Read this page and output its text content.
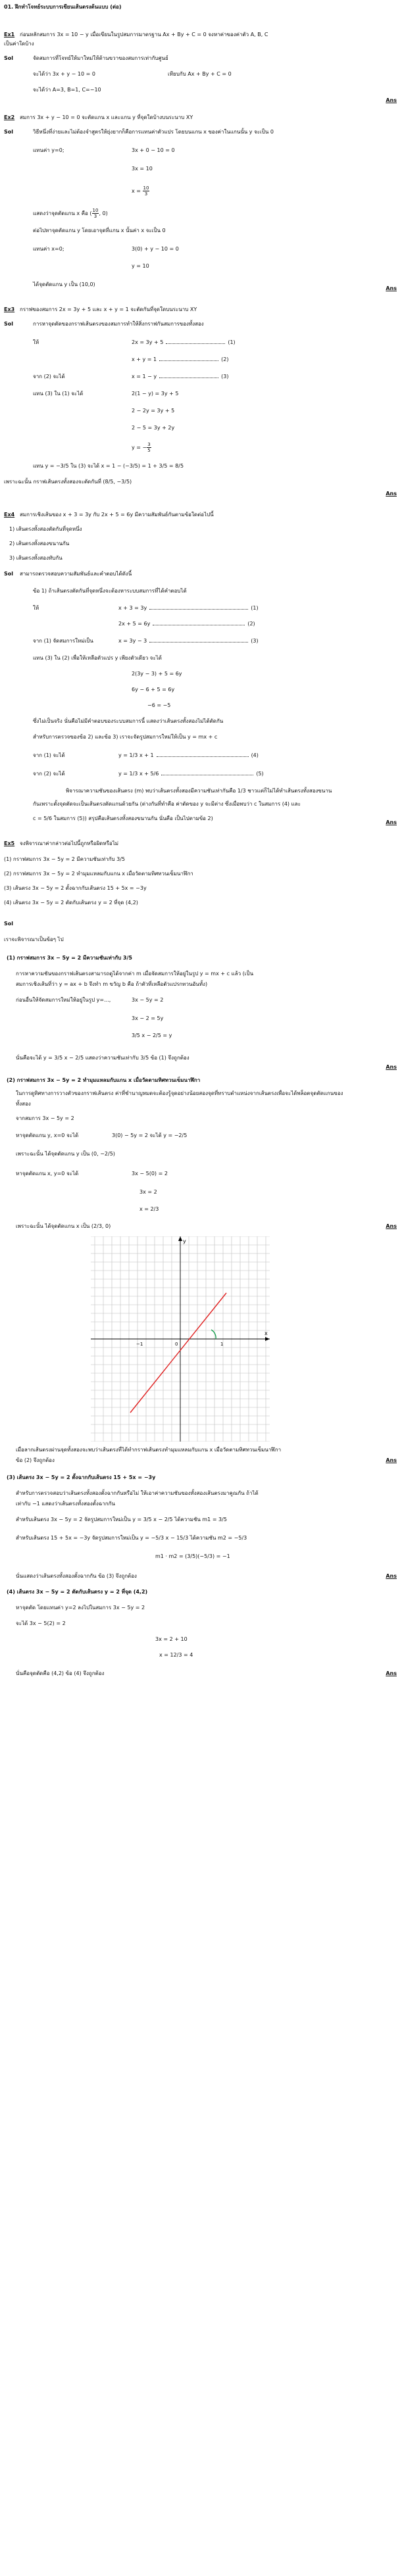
01. ฝึกทำโจทย์ระบบการเขียนเส้นตรงต้นแบบ (ต่อ)
Ex1 ก่อนหลักสมการ 3x = 10 − y เมื่อเขียนในรูปสมการมาตรฐาน Ax + By + C = 0 จงหาค่าของค่าตัว A, B, C
เป็นค่าใดบ้าง
Sol	จัดสมการที่โจทย์ให้มาใหม่ให้ด้านขวาของสมการเท่ากับศูนย์
จะได้ว่า 3x + y − 10 = 0	เทียบกับ Ax + By + C = 0
จะได้ว่า A=3, B=1, C=−10
Ans
Ex2 สมการ 3x + y − 10 = 0 จะตัดแกน x และแกน y ที่จุดใดบ้างบนระนาบ XY
Sol	วิธีหนึ่งที่ง่ายและไม่ต้องจำสูตรให้ยุ่งยากก็คือการแทนค่าตัวแปร โดยบนแกน x ของค่าในแกนนั้น y จะเป็น 0
แทนค่า y=0;	3x + 0 − 10 = 0
3x = 10
$x = \frac{10}{3}$
แสดงว่าจุดตัดแกน x คือ ( $\frac{10}{3}$ , 0)
ต่อไปหาจุดตัดแกน y โดยเอาจุดที่แกน x นั้นค่า x จะเป็น 0
แทนค่า x=0;	3(0) + y − 10 = 0
y = 10
ได้จุดตัดแกน y เป็น (10,0)
Ans
Ex3 กราฟของสมการ 2x = 3y + 5 และ x + y = 1 จะตัดกันที่จุดใดบนระนาบ XY
Sol	การหาจุดตัดของกราฟเส้นตรงของสมการทำให้สิ่งกราฟกันสมการของทั้งสอง
ให้	2x = 3y + 5	(1)
x + y = 1	(2)
จาก (2) จะได้	x = 1 − y	(3)
แทน (3) ใน (1) จะได้	2(1 − y) = 3y + 5
2 − 2y = 3y + 5
2 − 5 = 3y + 2y
y = − $\frac{3}{5}$
แทน y = −3/5 ใน (3) จะได้ x = 1 − (−3/5) = 1 + 3/5 = 8/5
เพราะฉะนั้น กราฟเส้นตรงทั้งสองจะตัดกันที่ (8/5, −3/5)
Ans
Ex4 สมการเชิงเส้นของ x + 3 = 3y กับ 2x + 5 = 6y มีความสัมพันธ์กันตามข้อใดต่อไปนี้
1) เส้นตรงทั้งสองตัดกันที่จุดหนึ่ง
2) เส้นตรงทั้งสองขนานกัน
3) เส้นตรงทั้งสองทับกัน
Sol สามารถตรวจสอบความสัมพันธ์และคำตอบได้ดังนี้
ข้อ 1) ถ้าเส้นตรงตัดกันที่จุดหนึ่งจะต้องหาระบบสมการที่ได้คำตอบได้
ให้	x + 3 = 3y	(1)
2x + 5 = 6y	(2)
จาก (1) จัดสมการใหม่เป็น	x = 3y − 3	(3)
แทน (3) ใน (2) เพื่อให้เหลือตัวแปร y เพียงตัวเดียว จะได้
2(3y − 3) + 5 = 6y
6y − 6 + 5 = 6y
−6 = −5
ซึ่งไม่เป็นจริง นั่นคือไม่มีคำตอบของระบบสมการนี้ แสดงว่าเส้นตรงทั้งสองไม่ได้ตัดกัน
สำหรับการตรวจของข้อ 2) และข้อ 3) เราจะจัดรูปสมการใหม่ให้เป็น y = mx + c
จาก (1) จะได้	y = 1/3 x + 1	(4)
จาก (2) จะได้	y = 1/3 x + 5/6	(5)
พิจารณาความชันของเส้นตรง (m) พบว่าเส้นตรงทั้งสองมีความชันเท่ากันคือ 1/3 ชาวแต่ก็ไม่ได้ทำเส้นตรงทั้งสองขนาน
กันเพราะตั้งจุดตัดจะเป็นเส้นตรงตัดแกนด้วยกัน (ต่างกันที่ทำคือ ค่าตัดของ y จะมีต่าง ซึ่งเมื่อพบว่า c ในสมการ (4) และ
c = 5/6 ในสมการ (5)) สรุปคือเส้นตรงทั้งสองขนานกัน นั่นคือ เป็นไปตามข้อ 2)
Ans
Ex5 จงพิจารณาค่ากล่าวต่อไปนี้ถูกหรือผิดหรือไม่
(1) กราฟสมการ 3x − 5y = 2 มีความชันเท่ากับ 3/5
(2) กราฟสมการ 3x − 5y = 2 ทำมุมแหลมกับแกน x เมื่อวัดตามทิศทวนเข็มนาฬิกา
(3) เส้นตรง 3x − 5y = 2 ตั้งฉากกับเส้นตรง 15 + 5x = −3y
(4) เส้นตรง 3x − 5y = 2 ตัดกับเส้นตรง y = 2 ที่จุด (4,2)
Sol
เราจะพิจารณาเป็นข้อๆ ไป
(1) กราฟสมการ 3x − 5y = 2 มีความชันเท่ากับ 3/5
การหาความชันของกราฟเส้นตรงสามารถดูได้จากค่า m เมื่อจัดสมการให้อยู่ในรูป y = mx + c แล้ว (เป็น
สมการเชิงเส้นที่ว่า y = ax + b จึงทำ m ขวัญ b คือ ถ้าตัวที่เหลือตัวแปรกทวนอันทั้ง)
ก่อนอื่นให้จัดสมการใหม่ให้อยู่ในรูป y=...,	3x − 5y = 2
3x − 2 = 5y
3/5 x − 2/5 = y
นั่นคือจะได้ y = 3/5 x − 2/5 แสดงว่าความชันเท่ากับ 3/5 ข้อ (1) จึงถูกต้อง
Ans
(2) กราฟสมการ 3x − 5y = 2 ทำมุมแหลมกับแกน x เมื่อวัดตามทิศทวนเข็มนาฬิกา
ในการดูทิศทางการวางตัวของกราฟเส้นตรง ค่าที่ชำนาญหมดจะต้องรู้จุดอย่างน้อยสองจุดที่ทราบตำแหน่งจากเส้นตรงเพื่อจะได้พล็อตจุดตัดแกนของ
ทั้งสอง
จากสมการ 3x − 5y = 2
หาจุดตัดแกน y, x=0 จะได้	3(0) − 5y = 2 จะได้ y = −2/5
เพราะฉะนั้น ได้จุดตัดแกน y เป็น (0, −2/5)
หาจุดตัดแกน x, y=0 จะได้	3x − 5(0) = 2
3x = 2
x = 2/3
เพราะฉะนั้น ได้จุดตัดแกน x เป็น (2/3, 0)	Ans
x
y
1
−1	0
เมื่อลากเส้นตรงผ่านจุดทั้งสองจะพบว่าเส้นตรงที่ได้ทำกราฟเส้นตรงทำมุมแหลมกับแกน x เมื่อวัดตามทิศทวนเข็มนาฬิกา
ข้อ (2) จึงถูกต้อง	Ans
(3) เส้นตรง 3x − 5y = 2 ตั้งฉากกับเส้นตรง 15 + 5x = −3y
สำหรับการตรวจสอบว่าเส้นตรงทั้งสองตั้งฉากกันหรือไม่ ให้เอาค่าความชันของทั้งสองเส้นตรงมาคูณกัน ถ้าได้
เท่ากับ −1 แสดงว่าเส้นตรงทั้งสองตั้งฉากกัน
สำหรับเส้นตรง 3x − 5y = 2 จัดรูปสมการใหม่เป็น y = 3/5 x − 2/5 ได้ความชัน m1 = 3/5
สำหรับเส้นตรง 15 + 5x = −3y จัดรูปสมการใหม่เป็น y = −5/3 x − 15/3 ได้ความชัน m2 = −5/3
m1 · m2 = (3/5)(−5/3) = −1
นั่นแสดงว่าเส้นตรงทั้งสองตั้งฉากกัน ข้อ (3) จึงถูกต้อง	Ans
(4) เส้นตรง 3x − 5y = 2 ตัดกับเส้นตรง y = 2 ที่จุด (4,2)
หาจุดตัด โดยแทนค่า y=2 ลงไปในสมการ 3x − 5y = 2
จะได้ 3x − 5(2) = 2
3x = 2 + 10
x = 12/3 = 4
นั่นคือจุดตัดคือ (4,2) ข้อ (4) จึงถูกต้อง	Ans
